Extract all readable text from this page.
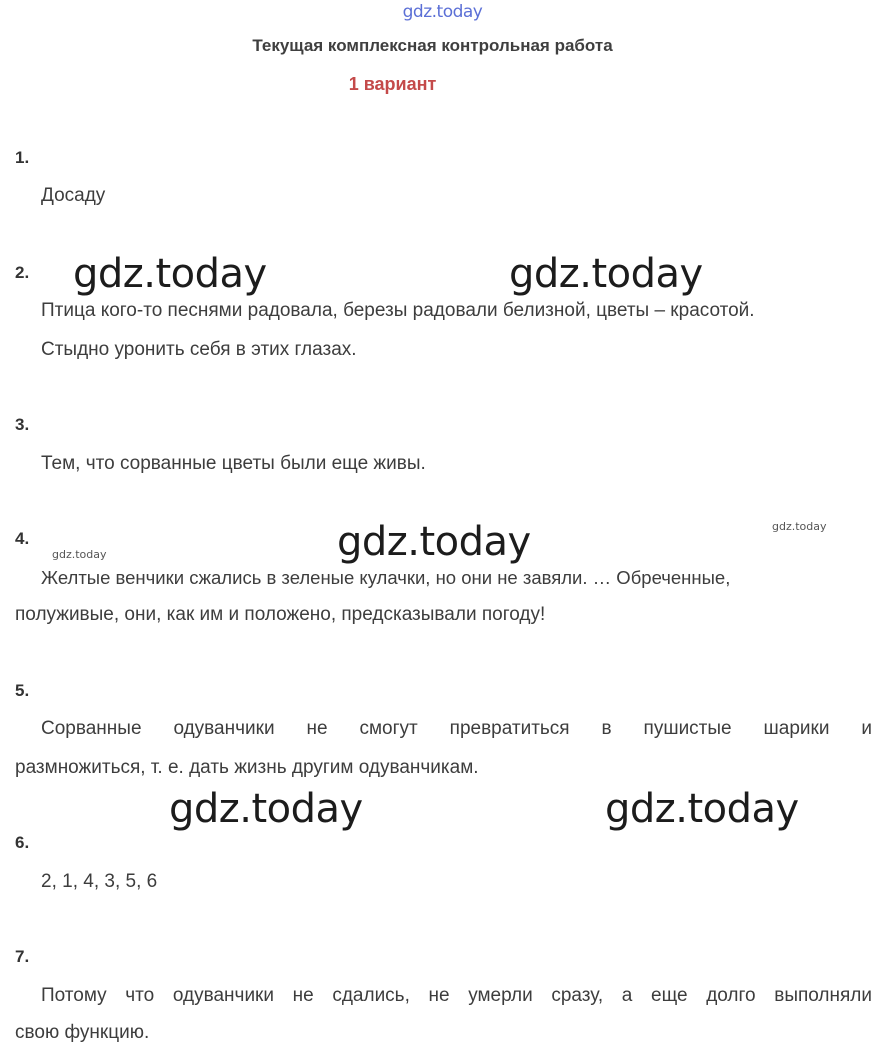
gdz.today
Текущая комплексная контрольная работа
1 вариант
1.
Досаду
2.
Птица кого-то песнями радовала, березы радовали белизной, цветы – красотой.
Стыдно уронить себя в этих глазах.
3.
Тем, что сорванные цветы были еще живы.
4.
Желтые венчики сжались в зеленые кулачки, но они не завяли. … Обреченные,
полуживые, они, как им и положено, предсказывали погоду!
5.
Сорванные одуванчики не смогут превратиться в пушистые шарики и
размножиться, т. е. дать жизнь другим одуванчикам.
6.
2, 1, 4, 3, 5, 6
7.
Потому что одуванчики не сдались, не умерли сразу, а еще долго выполняли
свою функцию.
gdz.today	gdz.today
gdz.today
gdz.today	gdz.today
gdz.today
gdz.today
